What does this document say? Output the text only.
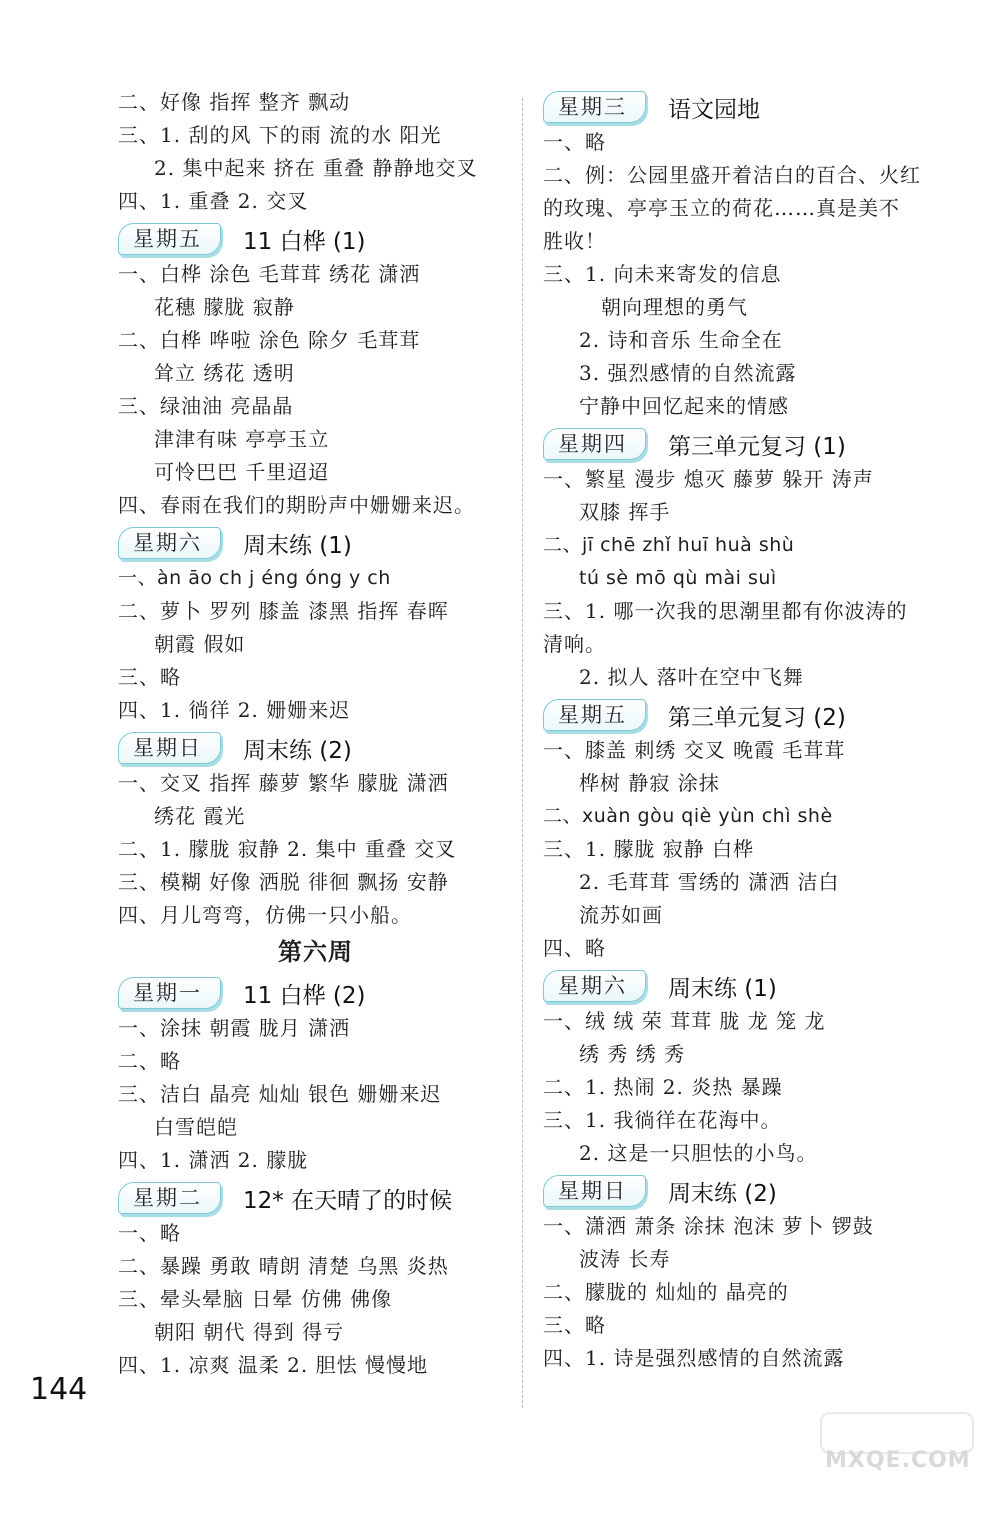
二、好像 指挥 整齐 飘动
三、1. 刮的风 下的雨 流的水 阳光
2. 集中起来 挤在 重叠 静静地交叉
四、1. 重叠 2. 交叉
星期五	11 白桦 (1)
一、白桦 涂色 毛茸茸 绣花 潇洒
花穗 朦胧 寂静
二、白桦 哗啦 涂色 除夕 毛茸茸
耸立 绣花 透明
三、绿油油 亮晶晶
津津有味 亭亭玉立
可怜巴巴 千里迢迢
四、春雨在我们的期盼声中姗姗来迟。
星期六	周末练 (1)
一、àn āo ch j éng óng y ch
二、萝卜 罗列 膝盖 漆黑 指挥 春晖
朝霞 假如
三、略
四、1. 徜徉 2. 姗姗来迟
星期日	周末练 (2)
一、交叉 指挥 藤萝 繁华 朦胧 潇洒
绣花 霞光
二、1. 朦胧 寂静 2. 集中 重叠 交叉
三、模糊 好像 洒脱 徘徊 飘扬 安静
四、月儿弯弯，仿佛一只小船。
第六周
星期一	11 白桦 (2)
一、涂抹 朝霞 胧月 潇洒
二、略
三、洁白 晶亮 灿灿 银色 姗姗来迟
白雪皑皑
四、1. 潇洒 2. 朦胧
星期二	12* 在天晴了的时候
一、略
二、暴躁 勇敢 晴朗 清楚 乌黑 炎热
三、晕头晕脑 日晕 仿佛 佛像
朝阳 朝代 得到 得亏
四、1. 凉爽 温柔 2. 胆怯 慢慢地
星期三	语文园地
一、略
二、例：公园里盛开着洁白的百合、火红
的玫瑰、亭亭玉立的荷花……真是美不
胜收！
三、1. 向未来寄发的信息
朝向理想的勇气
2. 诗和音乐 生命全在
3. 强烈感情的自然流露
宁静中回忆起来的情感
星期四	第三单元复习 (1)
一、繁星 漫步 熄灭 藤萝 躲开 涛声
双膝 挥手
二、jī chē zhǐ huī huà shù
tú sè mō qù mài suì
三、1. 哪一次我的思潮里都有你波涛的
清响。
2. 拟人 落叶在空中飞舞
星期五	第三单元复习 (2)
一、膝盖 刺绣 交叉 晚霞 毛茸茸
桦树 静寂 涂抹
二、xuàn gòu qiè yùn chì shè
三、1. 朦胧 寂静 白桦
2. 毛茸茸 雪绣的 潇洒 洁白
流苏如画
四、略
星期六	周末练 (1)
一、绒 绒 荣 茸茸 胧 龙 笼 龙
绣 秀 绣 秀
二、1. 热闹 2. 炎热 暴躁
三、1. 我徜徉在花海中。
2. 这是一只胆怯的小鸟。
星期日	周末练 (2)
一、潇洒 萧条 涂抹 泡沫 萝卜 锣鼓
波涛 长寿
二、朦胧的 灿灿的 晶亮的
三、略
四、1. 诗是强烈感情的自然流露
144
MXQE.COM
